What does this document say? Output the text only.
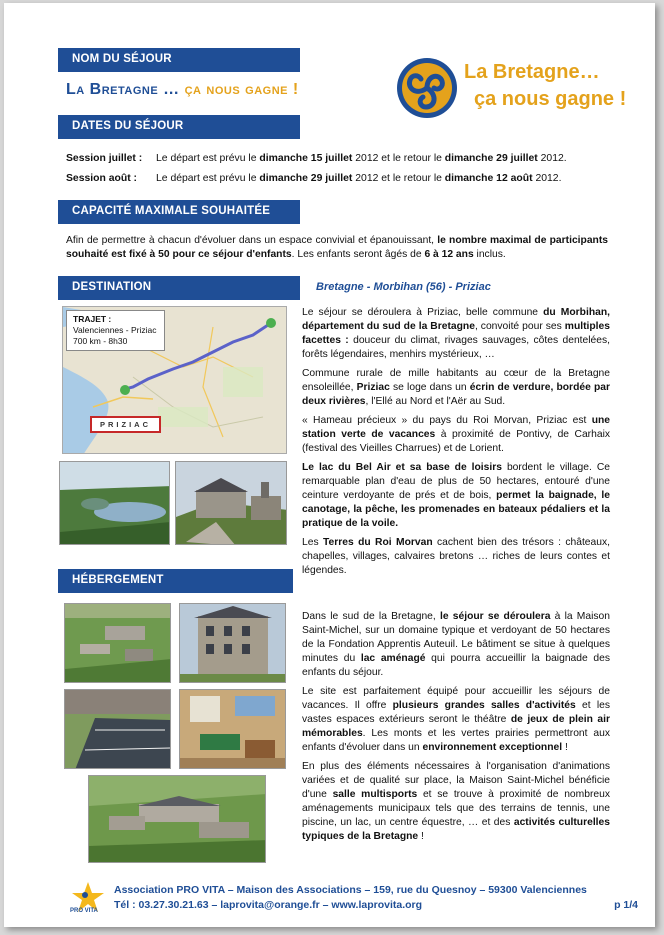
NOM DU SÉJOUR
La Bretagne … ça nous gagne !
La Bretagne…
ça nous gagne !
DATES DU SÉJOUR
Session juillet : Le départ est prévu le dimanche 15 juillet 2012 et le retour le dimanche 29 juillet 2012.
Session août : Le départ est prévu le dimanche 29 juillet 2012 et le retour le dimanche 12 août 2012.
CAPACITÉ MAXIMALE SOUHAITÉE
Afin de permettre à chacun d'évoluer dans un espace convivial et épanouissant, le nombre maximal de participants souhaité est fixé à 50 pour ce séjour d'enfants. Les enfants seront âgés de 6 à 12 ans inclus.
DESTINATION	Bretagne - Morbihan (56) - Priziac
TRAJET :
Valenciennes - Priziac
700 km - 8h30
PRIZIAC

Le séjour se déroulera à Priziac, belle commune du Morbihan, département du sud de la Bretagne, convoité pour ses multiples facettes : douceur du climat, rivages sauvages, côtes dentelées, forêts légendaires, menhirs mystérieux, …

Commune rurale de mille habitants au cœur de la Bretagne ensoleillée, Priziac se loge dans un écrin de verdure, bordée par deux rivières, l'Ellé au Nord et l'Aër au Sud.

« Hameau précieux » du pays du Roi Morvan, Priziac est une station verte de vacances à proximité de Pontivy, de Carhaix (festival des Vieilles Charrues) et de Lorient.

Le lac du Bel Air et sa base de loisirs bordent le village. Ce remarquable plan d'eau de plus de 50 hectares, entouré d'une ceinture verdoyante de prés et de bois, permet la baignade, le canotage, la pêche, les promenades en bateaux pédaliers et la pratique de la voile.

Les Terres du Roi Morvan cachent bien des trésors : châteaux, chapelles, villages, calvaires bretons … riches de leurs contes et légendes.

HÉBERGEMENT

Dans le sud de la Bretagne, le séjour se déroulera à la Maison Saint-Michel, sur un domaine typique et verdoyant de 50 hectares de la Fondation Apprentis Auteuil. Le bâtiment se situe à quelques minutes du lac aménagé qui pourra accueillir la baignade des enfants du séjour.

Le site est parfaitement équipé pour accueillir les séjours de vacances. Il offre plusieurs grandes salles d'activités et les vastes espaces extérieurs seront le théâtre de jeux de plein air mémorables. Les monts et les vertes prairies permettront aux enfants d'évoluer dans un environnement exceptionnel !

En plus des éléments nécessaires à l'organisation d'animations variées et de qualité sur place, la Maison Saint-Michel bénéficie d'une salle multisports et se trouve à proximité de nombreux aménagements municipaux tels que des terrains de tennis, une piscine, un lac, un centre équestre, … et des activités culturelles typiques de la Bretagne !

PRO VITA
Association PRO VITA – Maison des Associations – 159, rue du Quesnoy – 59300 Valenciennes
Tél : 03.27.30.21.63 – laprovita@orange.fr – www.laprovita.org	p 1/4
